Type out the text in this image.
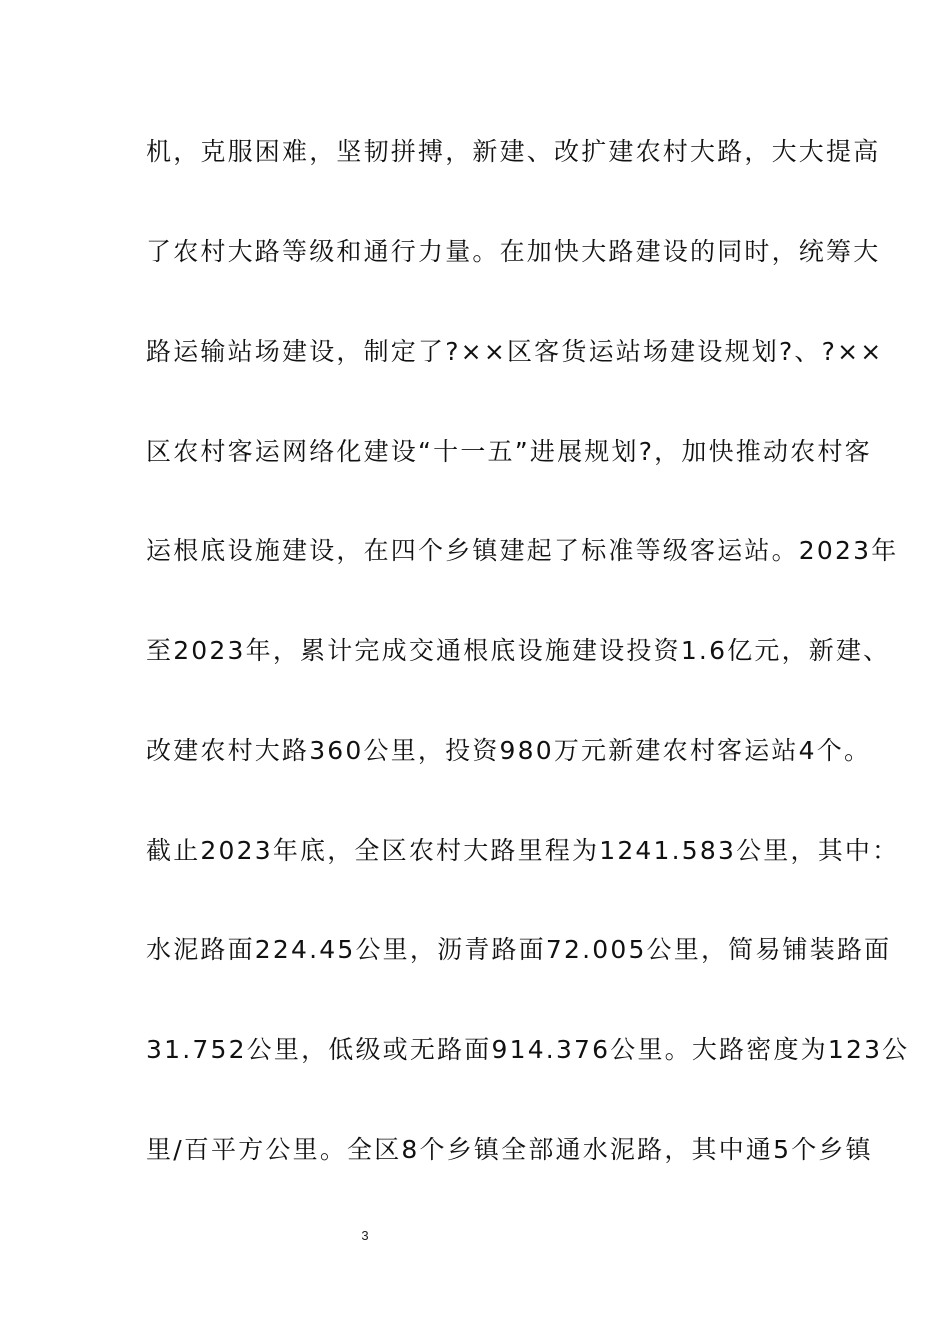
机，克服困难，坚韧拼搏，新建、改扩建农村大路，大大提高
了农村大路等级和通行力量。在加快大路建设的同时，统筹大
路运输站场建设，制定了?××区客货运站场建设规划?、?××
区农村客运网络化建设“十一五”进展规划?，加快推动农村客
运根底设施建设，在四个乡镇建起了标准等级客运站。2023年
至2023年，累计完成交通根底设施建设投资1.6亿元，新建、
改建农村大路360公里，投资980万元新建农村客运站4个。
截止2023年底，全区农村大路里程为1241.583公里，其中：
水泥路面224.45公里，沥青路面72.005公里，简易铺装路面
31.752公里，低级或无路面914.376公里。大路密度为123公
里/百平方公里。全区8个乡镇全部通水泥路，其中通5个乡镇
3
